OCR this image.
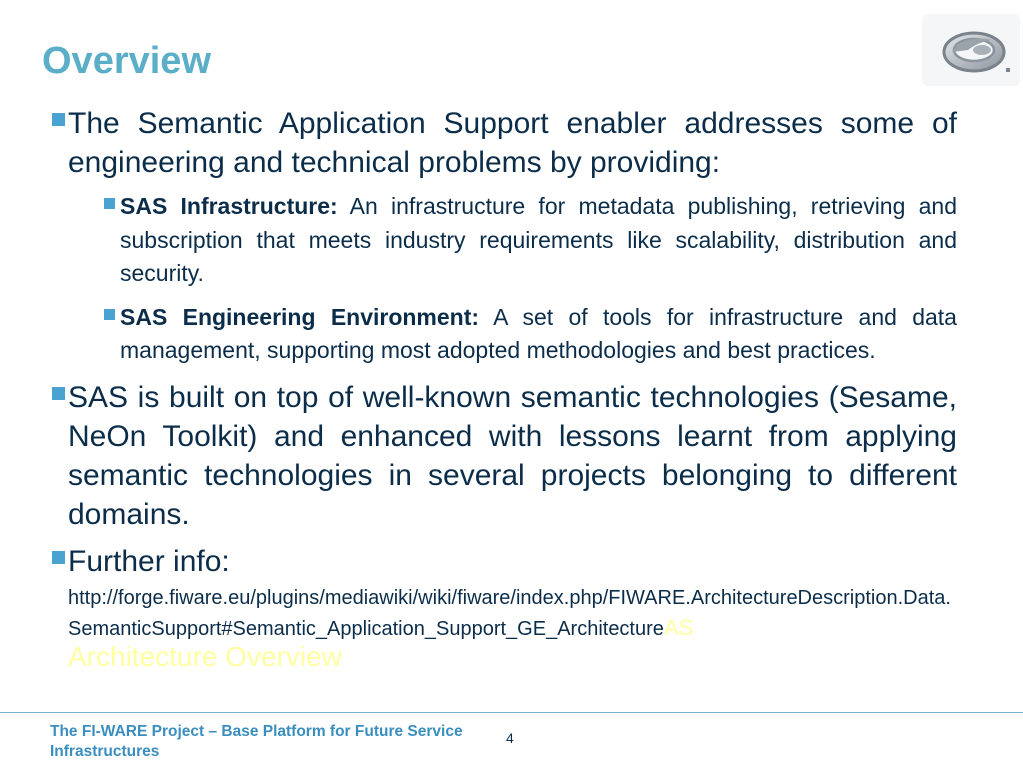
Overview

The Semantic Application Support enabler addresses some of engineering and technical problems by providing:

SAS Infrastructure: An infrastructure for metadata publishing, retrieving and subscription that meets industry requirements like scalability, distribution and security.

SAS Engineering Environment: A set of tools for infrastructure and data management, supporting most adopted methodologies and best practices.

SAS is built on top of well-known semantic technologies (Sesame, NeOn Toolkit) and enhanced with lessons learnt from applying semantic technologies in several projects belonging to different domains.

Further info:
http://forge.fiware.eu/plugins/mediawiki/wiki/fiware/index.php/FIWARE.ArchitectureDescription.Data.SemanticSupport#Semantic_Application_Support_GE_ArchitectureAS
Architecture Overview
The FI-WARE Project – Base Platform for Future Service Infrastructures
4
